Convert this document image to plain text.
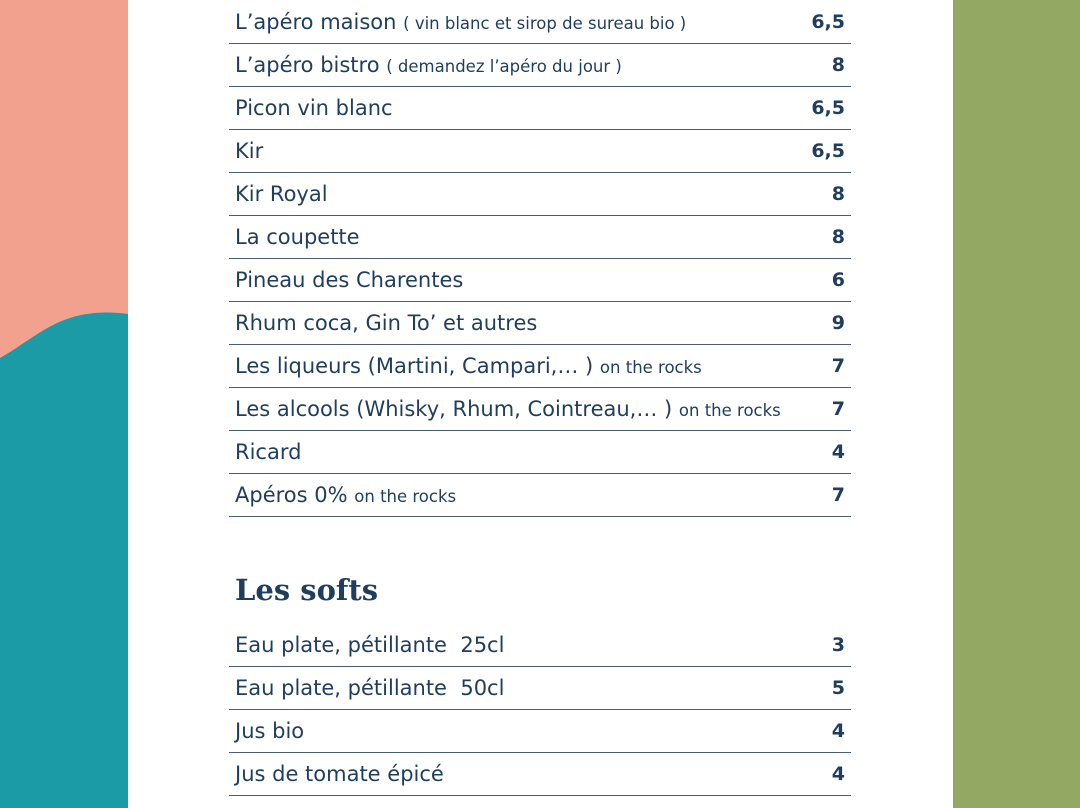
L’apéro maison ( vin blanc et sirop de sureau bio )	6,5
L’apéro bistro ( demandez l’apéro du jour )	8
Picon vin blanc	6,5
Kir	6,5
Kir Royal	8
La coupette	8
Pineau des Charentes	6
Rhum coca, Gin To’ et autres	9
Les liqueurs (Martini, Campari,… ) on the rocks	7
Les alcools (Whisky, Rhum, Cointreau,… ) on the rocks	7
Ricard	4
Apéros 0% on the rocks	7
Les softs
Eau plate, pétillante  25cl	3
Eau plate, pétillante  50cl	5
Jus bio	4
Jus de tomate épicé	4
